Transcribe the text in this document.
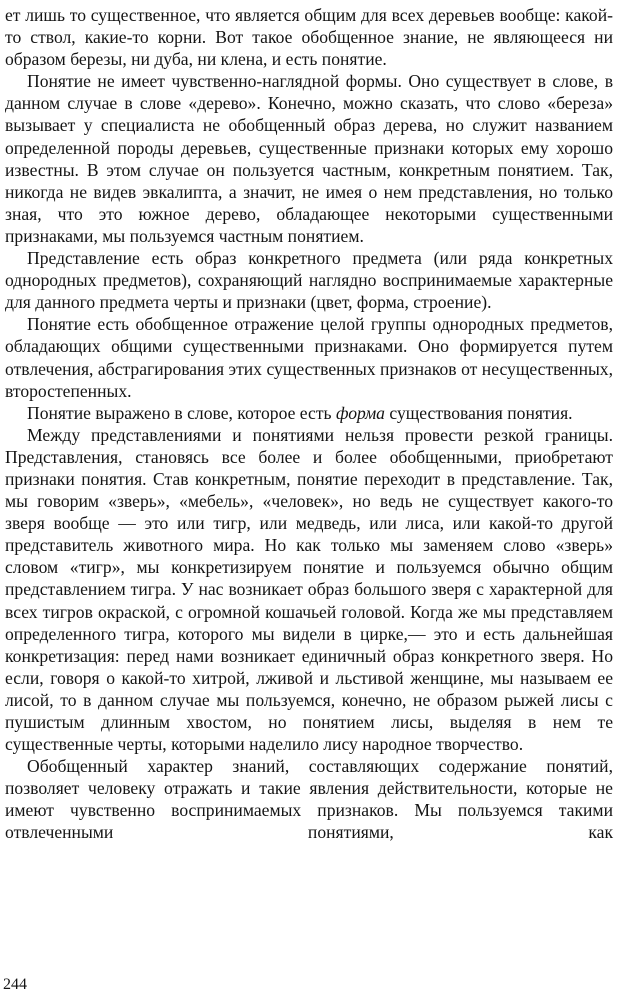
ет лишь то существенное, что является общим для всех деревьев вообще: какой-то ствол, какие-то корни. Вот такое обобщенное знание, не являющееся ни образом березы, ни дуба, ни клена, и есть понятие.

Понятие не имеет чувственно-наглядной формы. Оно существует в слове, в данном случае в слове «дерево». Конечно, можно сказать, что слово «береза» вызывает у специалиста не обобщенный образ дерева, но служит названием определенной породы деревьев, существенные признаки которых ему хорошо известны. В этом случае он пользуется частным, конкретным понятием. Так, никогда не видев эвкалипта, а значит, не имея о нем представления, но только зная, что это южное дерево, обладающее некоторыми существенными признаками, мы пользуемся частным понятием.

Представление есть образ конкретного предмета (или ряда конкретных однородных предметов), сохраняющий наглядно воспринимаемые характерные для данного предмета черты и признаки (цвет, форма, строение).

Понятие есть обобщенное отражение целой группы однородных предметов, обладающих общими существенными признаками. Оно формируется путем отвлечения, абстрагирования этих существенных признаков от несущественных, второстепенных.

Понятие выражено в слове, которое есть форма существования понятия.

Между представлениями и понятиями нельзя провести резкой границы. Представления, становясь все более и более обобщенными, приобретают признаки понятия. Став конкретным, понятие переходит в представление. Так, мы говорим «зверь», «мебель», «человек», но ведь не существует какого-то зверя вообще — это или тигр, или медведь, или лиса, или какой-то другой представитель животного мира. Но как только мы заменяем слово «зверь» словом «тигр», мы конкретизируем понятие и пользуемся обычно общим представлением тигра. У нас возникает образ большого зверя с характерной для всех тигров окраской, с огромной кошачьей головой. Когда же мы представляем определенного тигра, которого мы видели в цирке,— это и есть дальнейшая конкретизация: перед нами возникает единичный образ конкретного зверя. Но если, говоря о какой-то хитрой, лживой и льстивой женщине, мы называем ее лисой, то в данном случае мы пользуемся, конечно, не образом рыжей лисы с пушистым длинным хвостом, но понятием лисы, выделяя в нем те существенные черты, которыми наделило лису народное творчество.

Обобщенный характер знаний, составляющих содержание понятий, позволяет человеку отражать и такие явления действительности, которые не имеют чувственно воспринимаемых признаков. Мы пользуемся такими отвлеченными понятиями, как

244
